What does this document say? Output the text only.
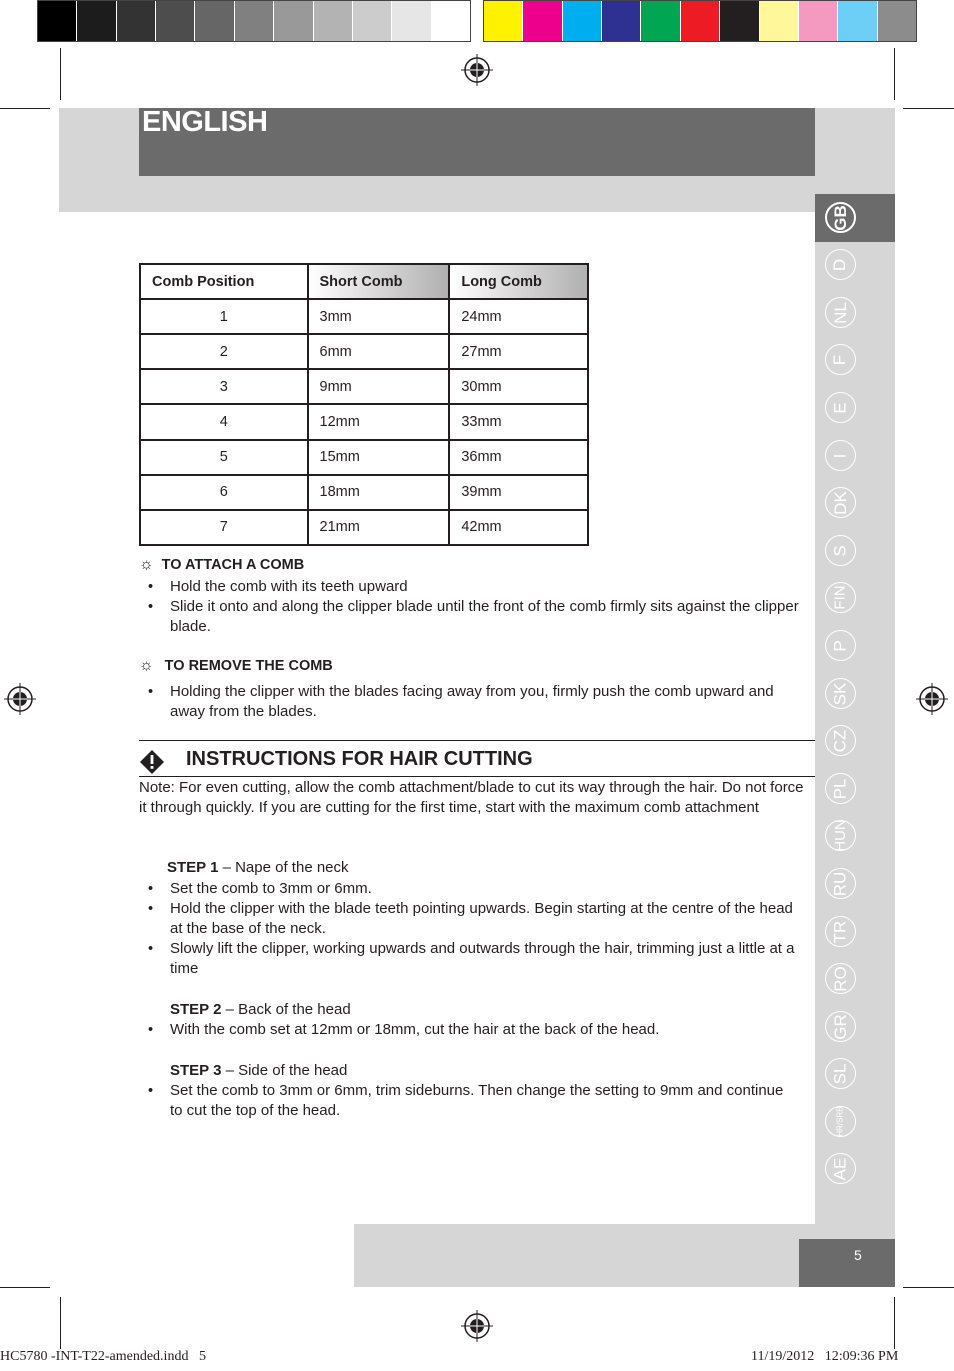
ENGLISH
GB
D
NL
F
E
I
DK
S
FIN
P
SK
CZ
PL
HUN
RU
TR
RO
GR
SL
HR/SRB
AE
Comb Position	Short Comb	Long Comb
1	3mm	24mm
2	6mm	27mm
3	9mm	30mm
4	12mm	33mm
5	15mm	36mm
6	18mm	39mm
7	21mm	42mm
☼ TO ATTACH A COMB
• Hold the comb with its teeth upward
• Slide it onto and along the clipper blade until the front of the comb firmly sits against the clipper blade.
☼ TO REMOVE THE COMB
• Holding the clipper with the blades facing away from you, firmly push the comb upward and away from the blades.
INSTRUCTIONS FOR HAIR CUTTING
Note: For even cutting, allow the comb attachment/blade to cut its way through the hair. Do not force it through quickly. If you are cutting for the first time, start with the maximum comb attachment
STEP 1 – Nape of the neck
• Set the comb to 3mm or 6mm.
• Hold the clipper with the blade teeth pointing upwards. Begin starting at the centre of the head at the base of the neck.
• Slowly lift the clipper, working upwards and outwards through the hair, trimming just a little at a time
STEP 2 – Back of the head
• With the comb set at 12mm or 18mm, cut the hair at the back of the head.
STEP 3 – Side of the head
• Set the comb to 3mm or 6mm, trim sideburns. Then change the setting to 9mm and continue to cut the top of the head.
5
HC5780 -INT-T22-amended.indd   5	11/19/2012   12:09:36 PM
